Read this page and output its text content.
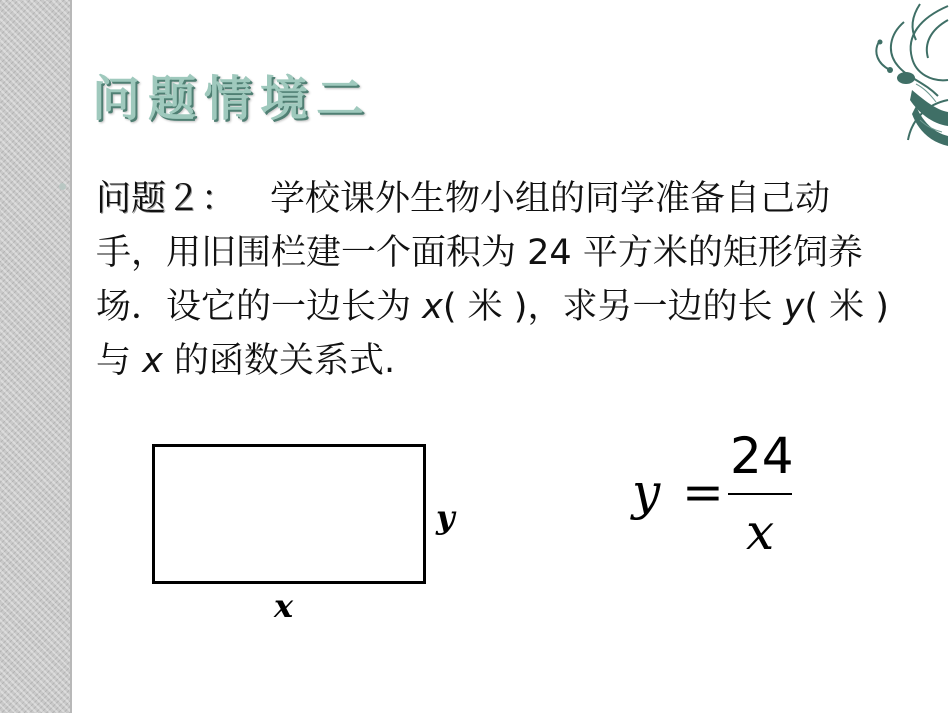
问题情境二

问题２： 学校课外生物小组的同学准备自己动手，用旧围栏建一个面积为 24 平方米的矩形饲养场．设它的一边长为 x( 米 )，求另一边的长 y( 米 ) 与 x 的函数关系式.

y
x
y =
24
x
